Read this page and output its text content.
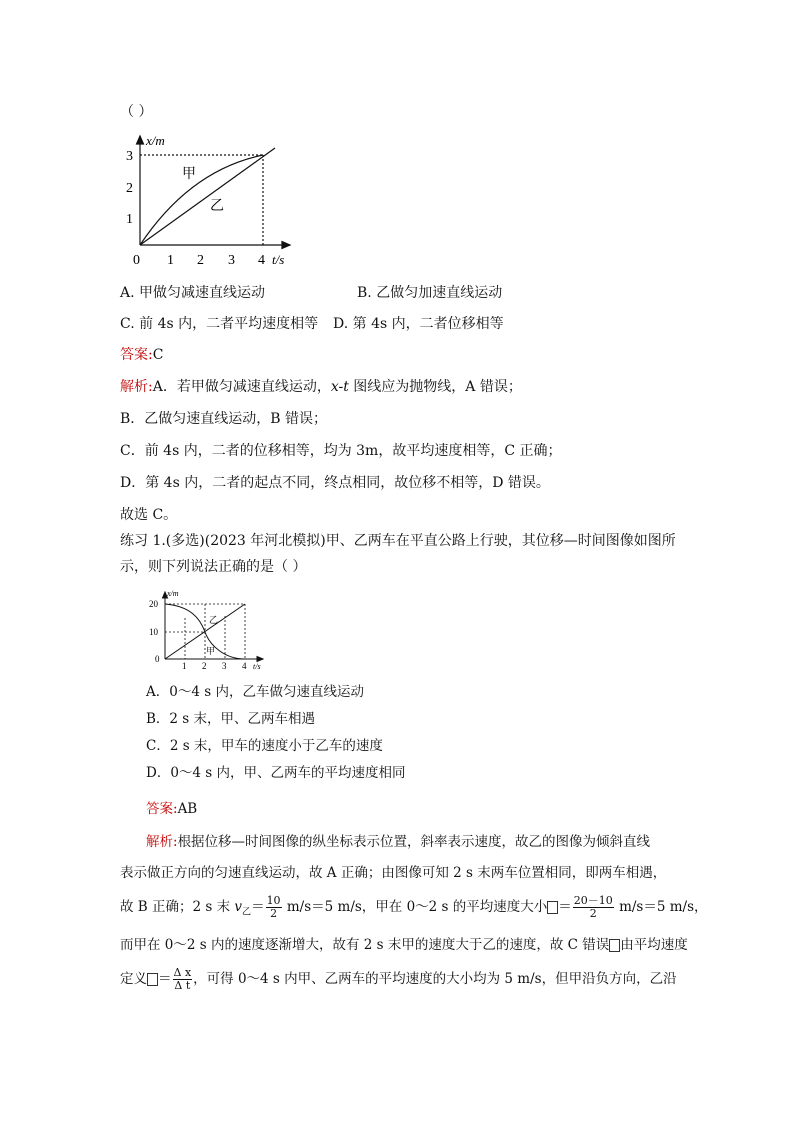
（ ）
0 1 2 3 4 t/s
1
2
3
x/m
甲
乙
A. 甲做匀减速直线运动	B. 乙做匀加速直线运动
C. 前 4s 内，二者平均速度相等 D. 第 4s 内，二者位移相等
答案:C
解析:A．若甲做匀减速直线运动，x-t 图线应为抛物线，A 错误；
B．乙做匀速直线运动，B 错误；
C．前 4s 内，二者的位移相等，均为 3m，故平均速度相等，C 正确；
D．第 4s 内，二者的起点不同，终点相同，故位移不相等，D 错误。
故选 C。
练习 1.(多选)(2023 年河北模拟)甲、乙两车在平直公路上行驶，其位移—时间图像如图所
示，则下列说法正确的是（ ）
x/m
20
10
0
1 2 3 4 t/s
乙
甲
A．0～4 s 内，乙车做匀速直线运动
B．2 s 末，甲、乙两车相遇
C．2 s 末，甲车的速度小于乙车的速度
D．0～4 s 内，甲、乙两车的平均速度相同
答案:AB
解析:根据位移—时间图像的纵坐标表示位置，斜率表示速度，故乙的图像为倾斜直线
表示做正方向的匀速直线运动，故 A 正确；由图像可知 2 s 末两车位置相同，即两车相遇，
故 B 正确；2 s 末 $v_乙= \frac{10}{2} m/s=5$ m/s，甲在 0～2 s 的平均速度大小 ＝ $\frac{20-10}{2} m/s=5$ m/s，
而甲在 0～2 s 内的速度逐渐增大，故有 2 s 末甲的速度大于乙的速度，故 C 错误 由平均速度
定义 ＝ $\frac{\text{Δ x}}{\text{Δ t}}$ ，可得 0～4 s 内甲、乙两车的平均速度的大小均为 5 m/s，但甲沿负方向，乙沿
